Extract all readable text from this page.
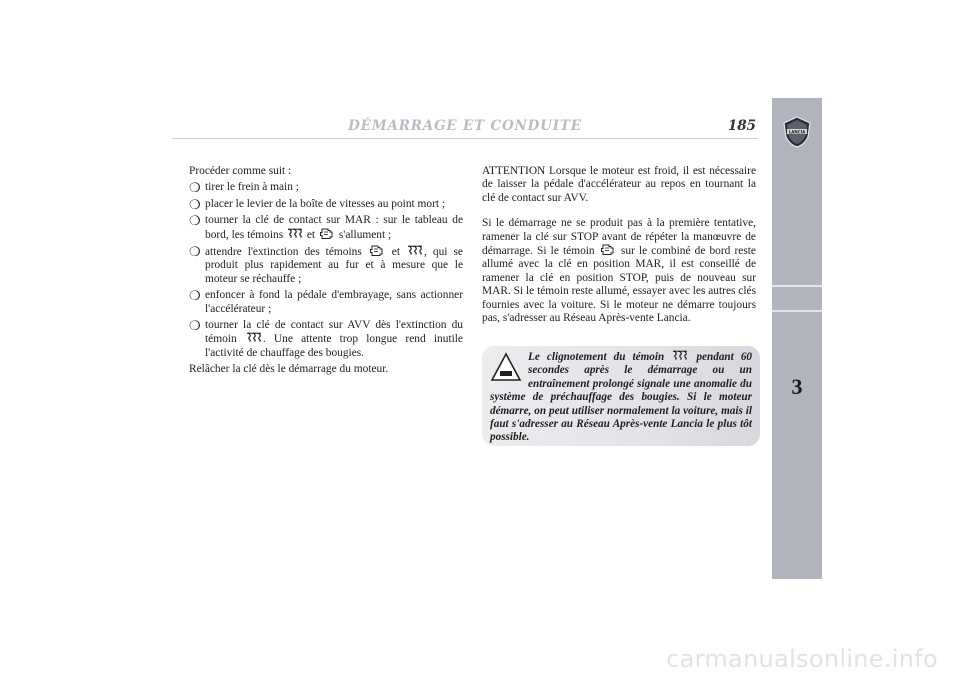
DÉMARRAGE ET CONDUITE	185	LANCIA
3

Procéder comme suit :

❍ tirer le frein à main ;
❍ placer le levier de la boîte de vitesses au point mort ;
❍ tourner la clé de contact sur MAR : sur le tableau de bord, les témoins et s'allument ;
❍ attendre l'extinction des témoins	et , qui se produit plus rapidement au fur et à mesure que le moteur se réchauffe ;
❍ enfoncer à fond la pédale d'embrayage, sans actionner l'accélérateur ;
❍ tourner la clé de contact sur AVV dès l'extinction du témoin . Une attente trop longue rend inutile l'activité de chauffage des bougies.

Relâcher la clé dès le démarrage du moteur.

ATTENTION Lorsque le moteur est froid, il est nécessaire de laisser la pédale d'accélérateur au repos en tournant la clé de contact sur AVV.

Si le démarrage ne se produit pas à la première tentative, ramener la clé sur STOP avant de répéter la manœuvre de démarrage. Si le témoin sur le combiné de bord reste allumé avec la clé en position MAR, il est conseillé de ramener la clé en position STOP, puis de nouveau sur MAR. Si le témoin reste allumé, essayer avec les autres clés fournies avec la voiture. Si le moteur ne démarre toujours pas, s'adresser au Réseau Après-vente Lancia.

Le clignotement du témoin	pendant 60 secondes après le démarrage ou un entraînement prolongé signale une anomalie du système de préchauffage des bougies. Si le moteur démarre, on peut utiliser normalement la voiture, mais il faut s'adresser au Réseau Après-vente Lancia le plus tôt possible.
carmanualsonline.info
